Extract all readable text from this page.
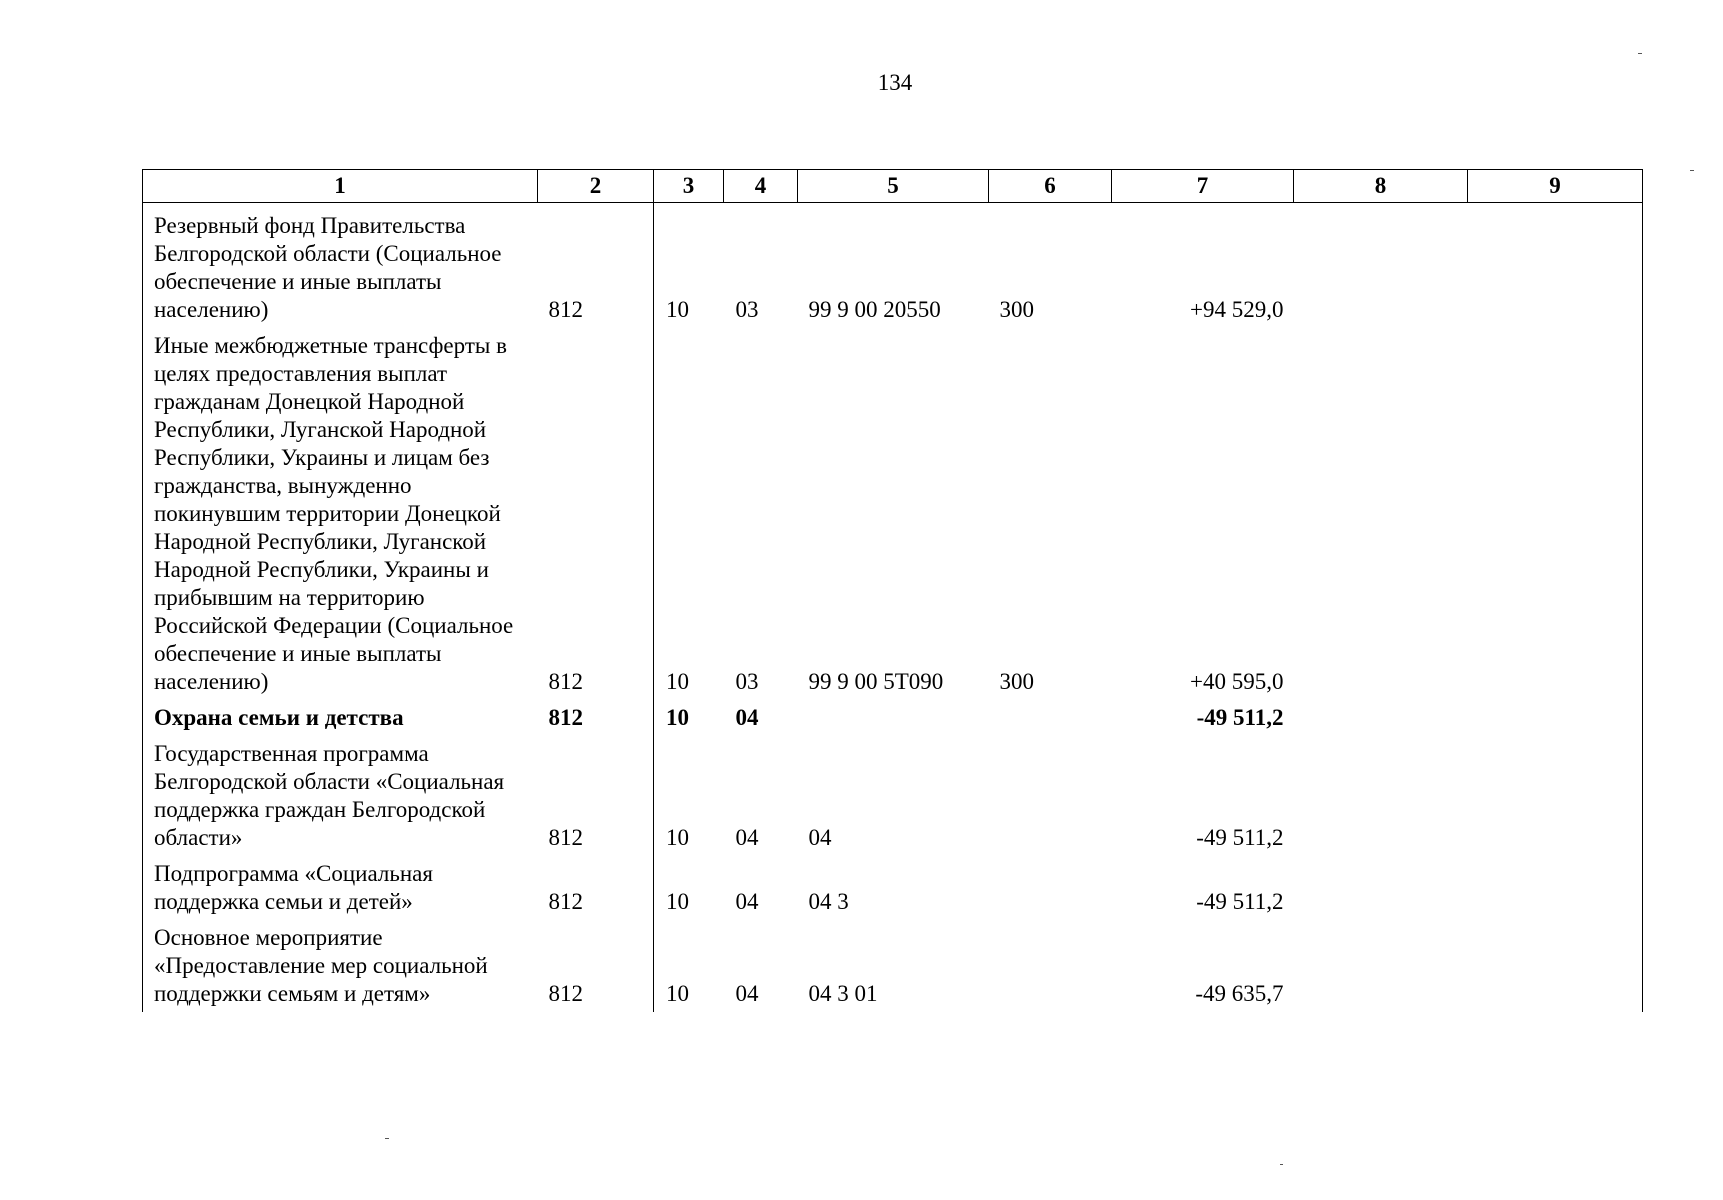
134
1	2	3	4	5	6	7	8	9
Резервный фонд Правительства Белгородской области (Социальное обеспечение и иные выплаты населению)	812	10	03	99 9 00 20550	300	+94 529,0		
Иные межбюджетные трансферты в целях предоставления выплат гражданам Донецкой Народной Республики, Луганской Народной Республики, Украины и лицам без гражданства, вынужденно покинувшим территории Донецкой Народной Республики, Луганской Народной Республики, Украины и прибывшим на территорию Российской Федерации (Социальное обеспечение и иные выплаты населению)	812	10	03	99 9 00 5Т090	300	+40 595,0		
Охрана семьи и детства	812	10	04			-49 511,2		
Государственная программа Белгородской области «Социальная поддержка граждан Белгородской области»	812	10	04	04		-49 511,2		
Подпрограмма «Социальная поддержка семьи и детей»	812	10	04	04 3		-49 511,2		
Основное мероприятие «Предоставление мер социальной поддержки семьям и детям»	812	10	04	04 3 01		-49 635,7		
